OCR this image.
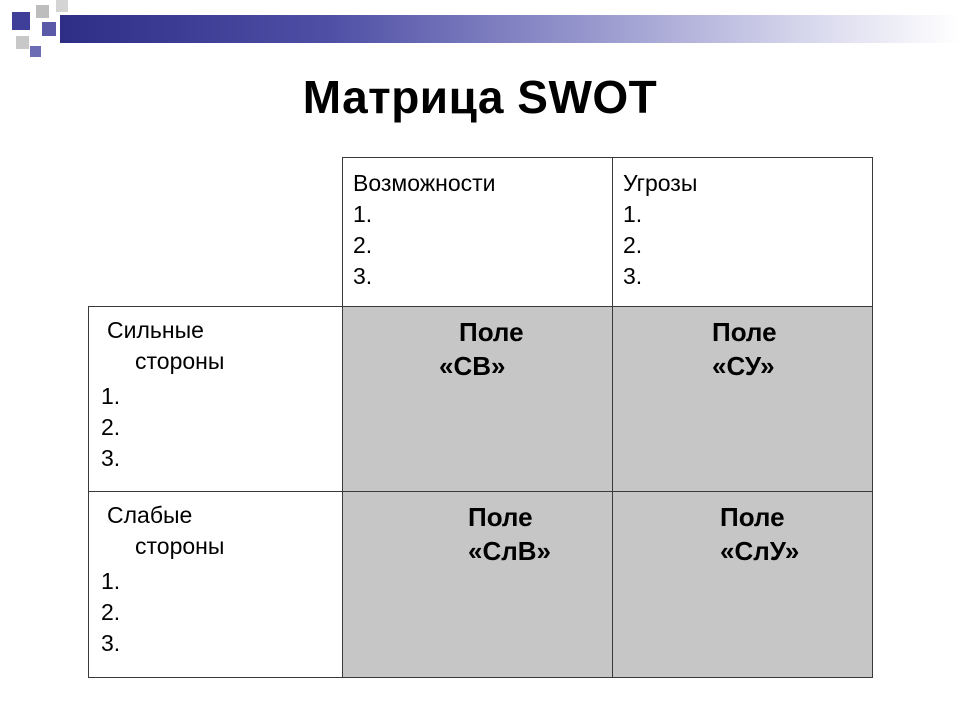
Матрица SWOT
Возможности
1.
2.
3.
Угрозы
1.
2.
3.
Сильные
стороны
1.
2.
3.
Поле
«СВ»
Поле
«СУ»
Слабые
стороны
1.
2.
3.
Поле
«СлВ»
Поле
«СлУ»
